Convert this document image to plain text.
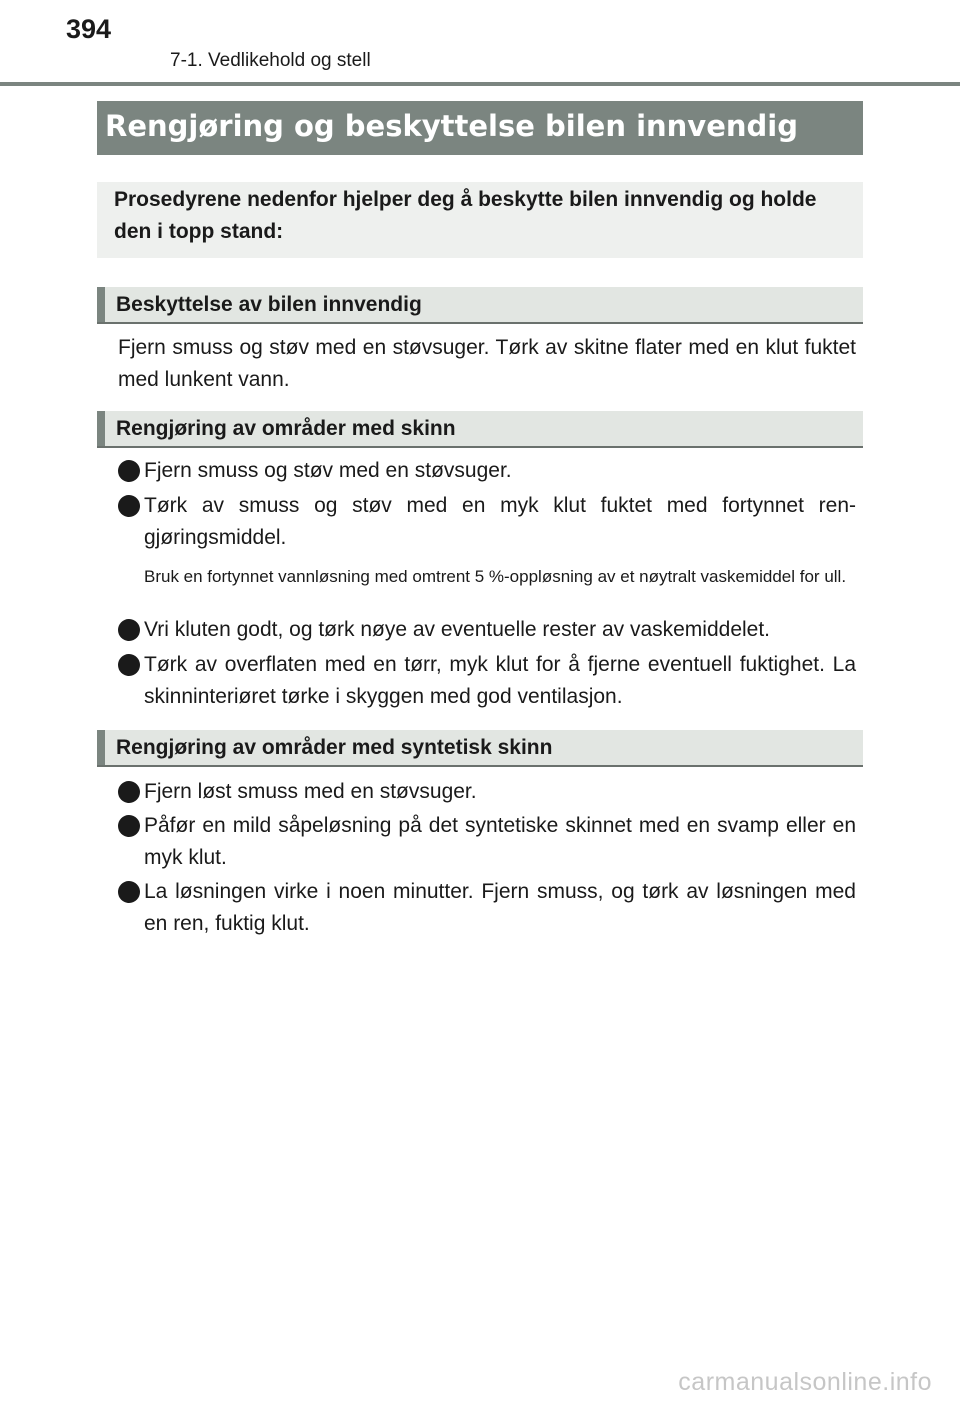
394
7-1. Vedlikehold og stell
Rengjøring og beskyttelse bilen innvendig
Prosedyrene nedenfor hjelper deg å beskytte bilen innvendig og holde den i topp stand:
Beskyttelse av bilen innvendig
Fjern smuss og støv med en støvsuger. Tørk av skitne flater med en klut fuktet med lunkent vann.
Rengjøring av områder med skinn
Fjern smuss og støv med en støvsuger.
Tørk av smuss og støv med en myk klut fuktet med fortynnet ren-gjøringsmiddel.
Bruk en fortynnet vannløsning med omtrent 5 %-oppløsning av et nøytralt vaskemiddel for ull.
Vri kluten godt, og tørk nøye av eventuelle rester av vaskemiddelet.
Tørk av overflaten med en tørr, myk klut for å fjerne eventuell fuktighet. La skinninteriøret tørke i skyggen med god ventilasjon.
Rengjøring av områder med syntetisk skinn
Fjern løst smuss med en støvsuger.
Påfør en mild såpeløsning på det syntetiske skinnet med en svamp eller en myk klut.
La løsningen virke i noen minutter. Fjern smuss, og tørk av løsningen med en ren, fuktig klut.
carmanualsonline.info
